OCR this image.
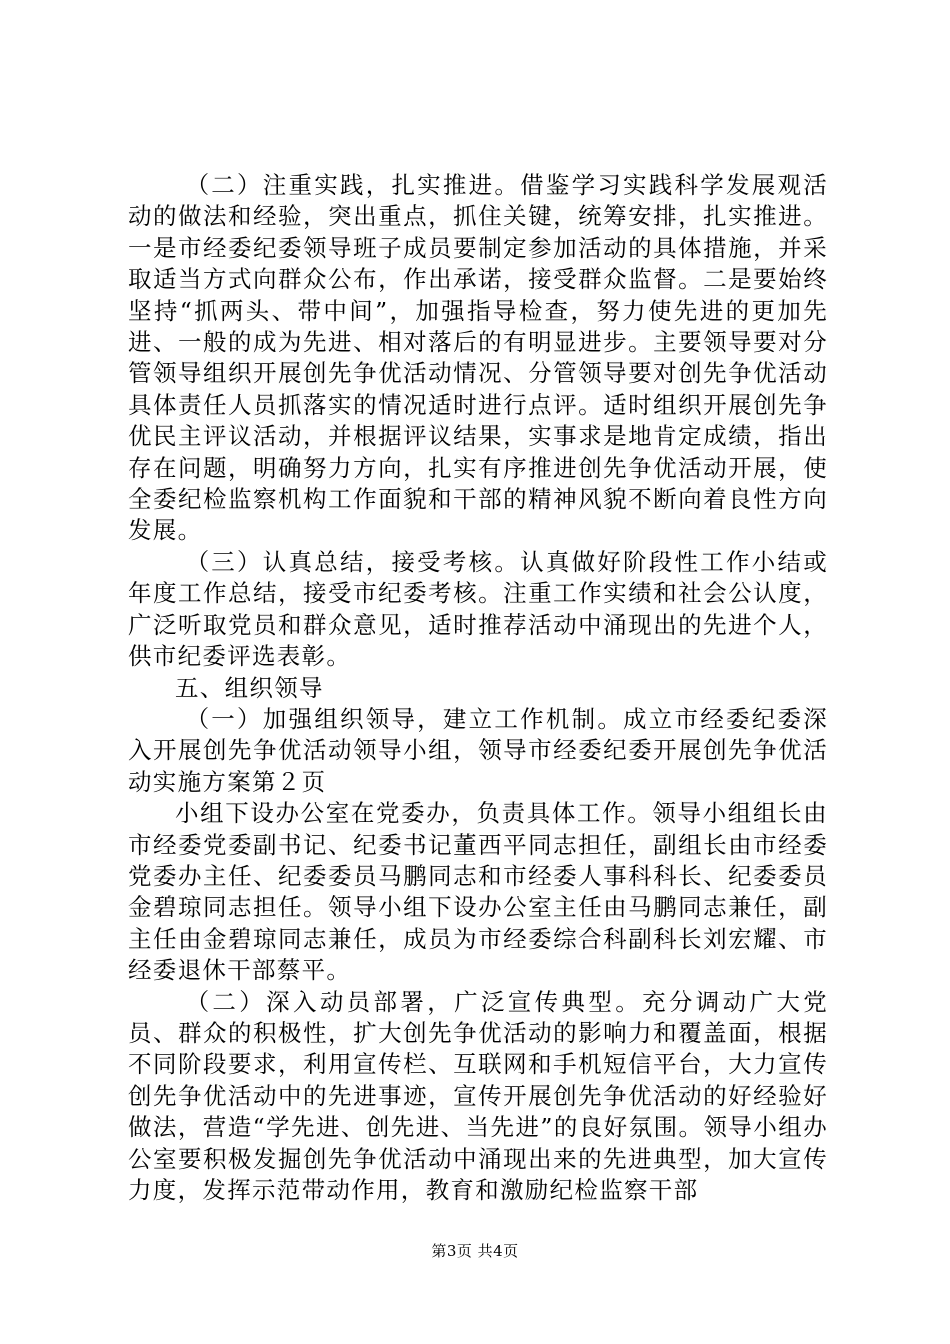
（二）注重实践，扎实推进。借鉴学习实践科学发展观活动的做法和经验，突出重点，抓住关键，统筹安排，扎实推进。一是市经委纪委领导班子成员要制定参加活动的具体措施，并采取适当方式向群众公布，作出承诺，接受群众监督。二是要始终坚持“抓两头、带中间”，加强指导检查，努力使先进的更加先进、一般的成为先进、相对落后的有明显进步。主要领导要对分管领导组织开展创先争优活动情况、分管领导要对创先争优活动具体责任人员抓落实的情况适时进行点评。适时组织开展创先争优民主评议活动，并根据评议结果，实事求是地肯定成绩，指出存在问题，明确努力方向，扎实有序推进创先争优活动开展，使全委纪检监察机构工作面貌和干部的精神风貌不断向着良性方向发展。

（三）认真总结，接受考核。认真做好阶段性工作小结或年度工作总结，接受市纪委考核。注重工作实绩和社会公认度，广泛听取党员和群众意见，适时推荐活动中涌现出的先进个人，供市纪委评选表彰。

五、组织领导

（一）加强组织领导，建立工作机制。成立市经委纪委深入开展创先争优活动领导小组，领导市经委纪委开展创先争优活动实施方案第２页

小组下设办公室在党委办，负责具体工作。领导小组组长由市经委党委副书记、纪委书记董西平同志担任，副组长由市经委党委办主任、纪委委员马鹏同志和市经委人事科科长、纪委委员金碧琼同志担任。领导小组下设办公室主任由马鹏同志兼任，副主任由金碧琼同志兼任，成员为市经委综合科副科长刘宏耀、市经委退休干部蔡平。

（二）深入动员部署，广泛宣传典型。充分调动广大党员、群众的积极性，扩大创先争优活动的影响力和覆盖面，根据不同阶段要求，利用宣传栏、互联网和手机短信平台，大力宣传创先争优活动中的先进事迹，宣传开展创先争优活动的好经验好做法，营造“学先进、创先进、当先进”的良好氛围。领导小组办公室要积极发掘创先争优活动中涌现出来的先进典型，加大宣传力度，发挥示范带动作用，教育和激励纪检监察干部

第3页 共4页
